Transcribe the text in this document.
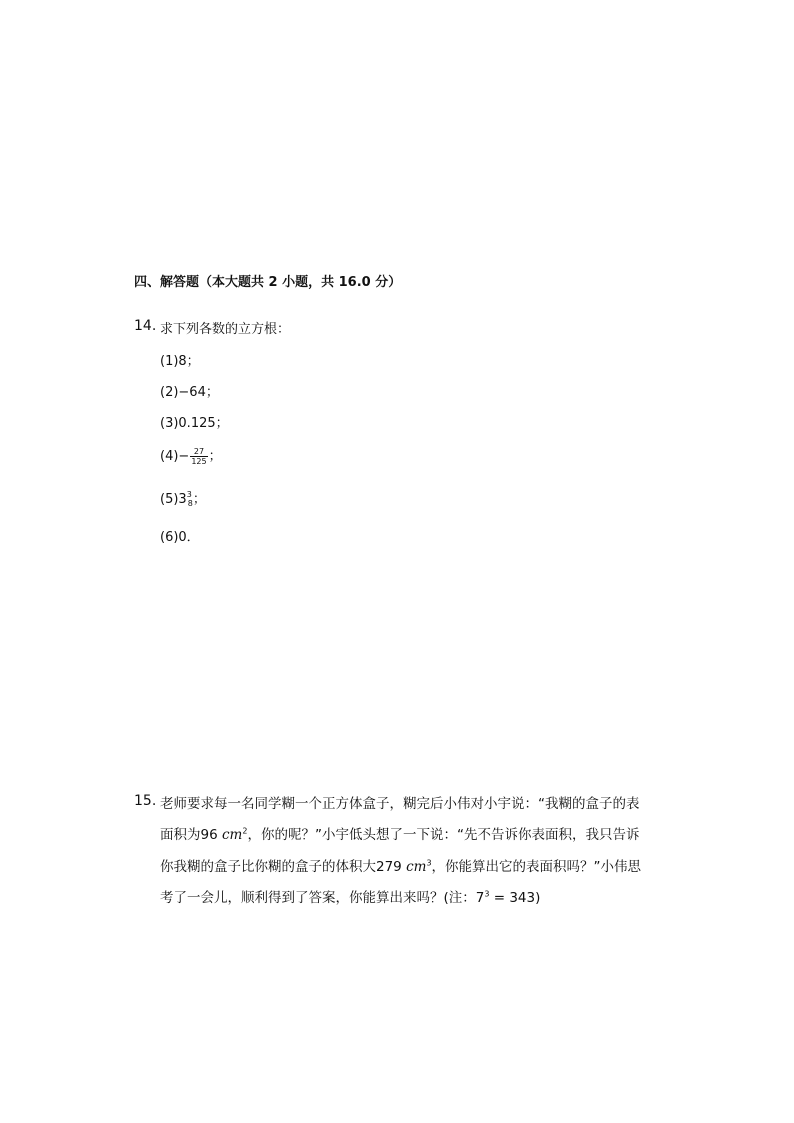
四、解答题（本大题共 2 小题，共 16.0 分）
14. 求下列各数的立方根：
(1)8；
(2)−64；
(3)0.125；
$(4)- \frac{27}{125}$ ；
$(5)3^3_8$；
(6)0．
15. 老师要求每一名同学糊一个正方体盒子，糊完后小伟对小宇说：“我糊的盒子的表
面积为96 $cm^2$，你的呢？”小宇低头想了一下说：“先不告诉你表面积，我只告诉
你我糊的盒子比你糊的盒子的体积大279 $cm^3$，你能算出它的表面积吗？”小伟思
考了一会儿，顺利得到了答案，你能算出来吗？(注：$7^3 = 343$)
